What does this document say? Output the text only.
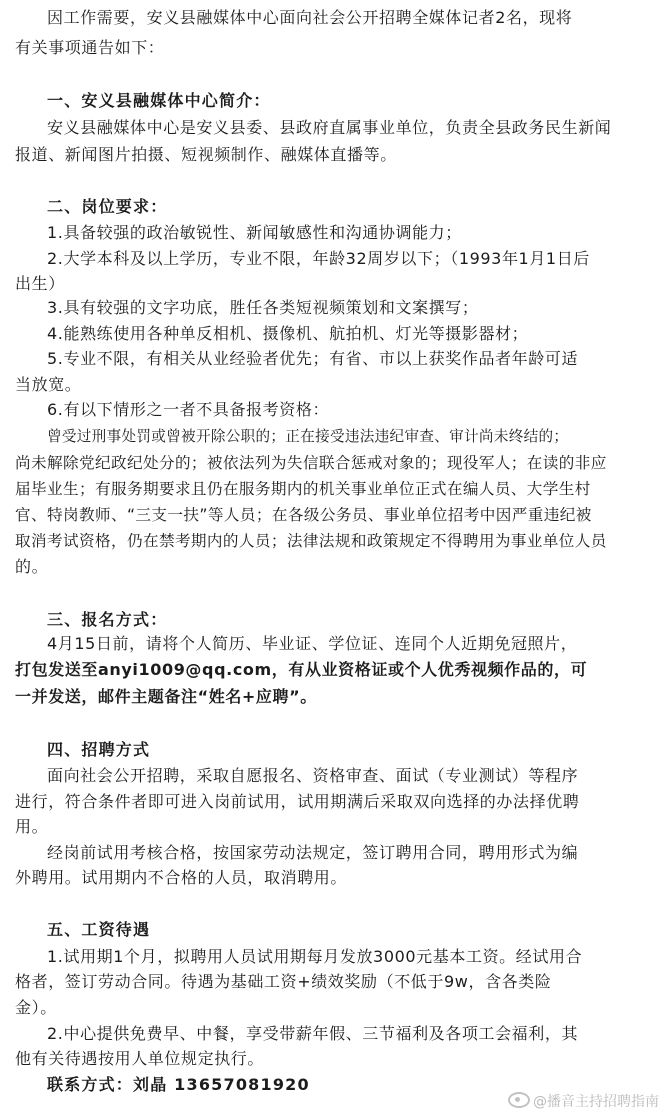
因工作需要，安义县融媒体中心面向社会公开招聘全媒体记者2名，现将
有关事项通告如下：
一、安义县融媒体中心简介：
安义县融媒体中心是安义县委、县政府直属事业单位，负责全县政务民生新闻
报道、新闻图片拍摄、短视频制作、融媒体直播等。
二、岗位要求：
1.具备较强的政治敏锐性、新闻敏感性和沟通协调能力；
2.大学本科及以上学历，专业不限，年龄32周岁以下；（1993年1月1日后
出生）
3.具有较强的文字功底，胜任各类短视频策划和文案撰写；
4.能熟练使用各种单反相机、摄像机、航拍机、灯光等摄影器材；
5.专业不限，有相关从业经验者优先；有省、市以上获奖作品者年龄可适
当放宽。
6.有以下情形之一者不具备报考资格：
曾受过刑事处罚或曾被开除公职的；正在接受违法违纪审查、审计尚未终结的；
尚未解除党纪政纪处分的；被依法列为失信联合惩戒对象的；现役军人；在读的非应
届毕业生；有服务期要求且仍在服务期内的机关事业单位正式在编人员、大学生村
官、特岗教师、“三支一扶”等人员；在各级公务员、事业单位招考中因严重违纪被
取消考试资格，仍在禁考期内的人员；法律法规和政策规定不得聘用为事业单位人员
的。
三、报名方式：
4月15日前，请将个人简历、毕业证、学位证、连同个人近期免冠照片，
打包发送至anyi1009@qq.com，有从业资格证或个人优秀视频作品的，可
一并发送，邮件主题备注“姓名+应聘”。
四、招聘方式
面向社会公开招聘，采取自愿报名、资格审查、面试（专业测试）等程序
进行，符合条件者即可进入岗前试用，试用期满后采取双向选择的办法择优聘
用。
经岗前试用考核合格，按国家劳动法规定，签订聘用合同，聘用形式为编
外聘用。试用期内不合格的人员，取消聘用。
五、工资待遇
1.试用期1个月，拟聘用人员试用期每月发放3000元基本工资。经试用合
格者，签订劳动合同。待遇为基础工资+绩效奖励（不低于9w，含各类险
金）。
2.中心提供免费早、中餐，享受带薪年假、三节福利及各项工会福利，其
他有关待遇按用人单位规定执行。
联系方式：刘晶 13657081920
@播音主持招聘指南
